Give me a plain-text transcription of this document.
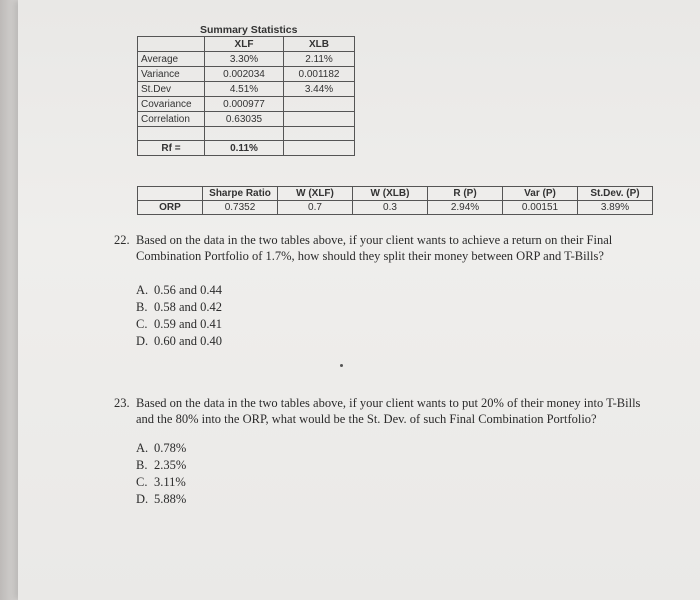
Summary Statistics
	XLF	XLB
Average	3.30%	2.11%
Variance	0.002034	0.001182
St.Dev	4.51%	3.44%
Covariance	0.000977	
Correlation	0.63035	

Rf =	0.11%	
	Sharpe Ratio	W (XLF)	W (XLB)	R (P)	Var (P)	St.Dev. (P)
ORP	0.7352	0.7	0.3	2.94%	0.00151	3.89%
22. Based on the data in the two tables above, if your client wants to achieve a return on their Final
Combination Portfolio of 1.7%, how should they split their money between ORP and T-Bills?
A. 0.56 and 0.44
B. 0.58 and 0.42
C. 0.59 and 0.41
D. 0.60 and 0.40
23. Based on the data in the two tables above, if your client wants to put 20% of their money into T-Bills
and the 80% into the ORP, what would be the St. Dev. of such Final Combination Portfolio?
A. 0.78%
B. 2.35%
C. 3.11%
D. 5.88%
